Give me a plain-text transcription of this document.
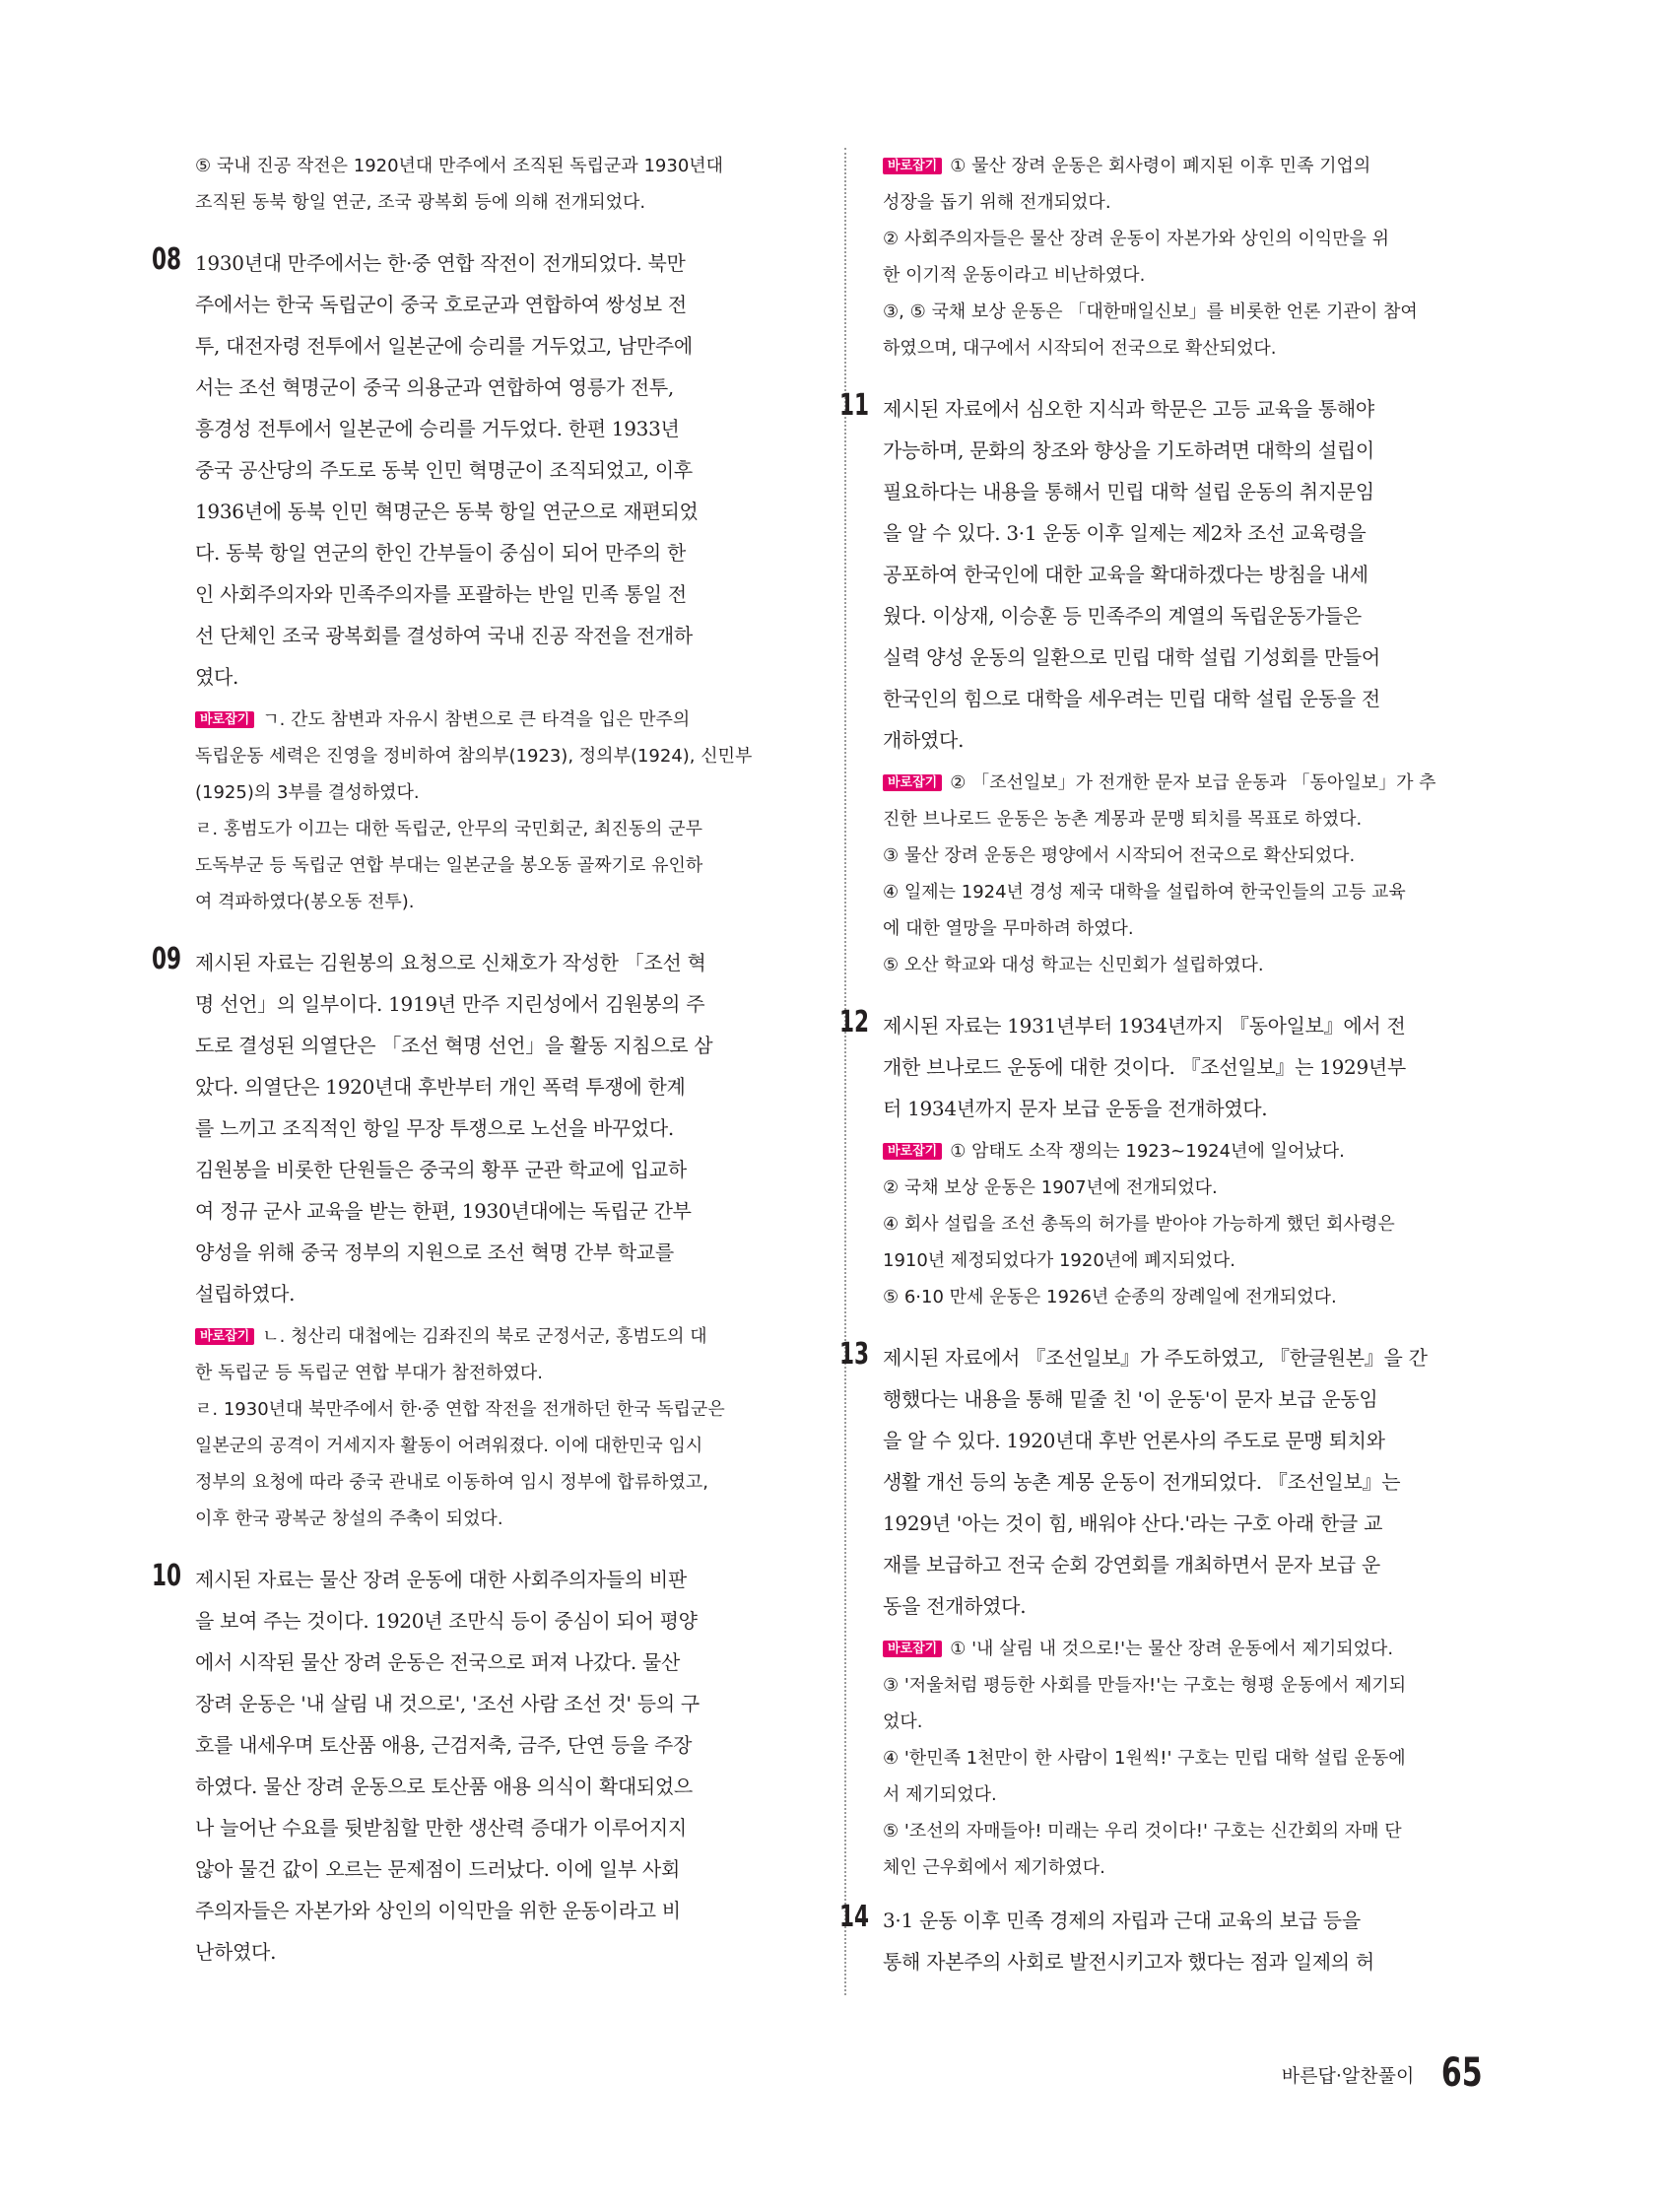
⑤ 국내 진공 작전은 1920년대 만주에서 조직된 독립군과 1930년대

조직된 동북 항일 연군, 조국 광복회 등에 의해 전개되었다.

08 1930년대 만주에서는 한·중 연합 작전이 전개되었다. 북만

주에서는 한국 독립군이 중국 호로군과 연합하여 쌍성보 전

투, 대전자령 전투에서 일본군에 승리를 거두었고, 남만주에

서는 조선 혁명군이 중국 의용군과 연합하여 영릉가 전투,

흥경성 전투에서 일본군에 승리를 거두었다. 한편 1933년

중국 공산당의 주도로 동북 인민 혁명군이 조직되었고, 이후

1936년에 동북 인민 혁명군은 동북 항일 연군으로 재편되었

다. 동북 항일 연군의 한인 간부들이 중심이 되어 만주의 한

인 사회주의자와 민족주의자를 포괄하는 반일 민족 통일 전

선 단체인 조국 광복회를 결성하여 국내 진공 작전을 전개하

였다.

바로잡기 ㄱ. 간도 참변과 자유시 참변으로 큰 타격을 입은 만주의

독립운동 세력은 진영을 정비하여 참의부(1923), 정의부(1924), 신민부

(1925)의 3부를 결성하였다.

ㄹ. 홍범도가 이끄는 대한 독립군, 안무의 국민회군, 최진동의 군무

도독부군 등 독립군 연합 부대는 일본군을 봉오동 골짜기로 유인하

여 격파하였다(봉오동 전투).

09 제시된 자료는 김원봉의 요청으로 신채호가 작성한 「조선 혁

명 선언」의 일부이다. 1919년 만주 지린성에서 김원봉의 주

도로 결성된 의열단은 「조선 혁명 선언」을 활동 지침으로 삼

았다. 의열단은 1920년대 후반부터 개인 폭력 투쟁에 한계

를 느끼고 조직적인 항일 무장 투쟁으로 노선을 바꾸었다.

김원봉을 비롯한 단원들은 중국의 황푸 군관 학교에 입교하

여 정규 군사 교육을 받는 한편, 1930년대에는 독립군 간부

양성을 위해 중국 정부의 지원으로 조선 혁명 간부 학교를

설립하였다.

바로잡기 ㄴ. 청산리 대첩에는 김좌진의 북로 군정서군, 홍범도의 대

한 독립군 등 독립군 연합 부대가 참전하였다.

ㄹ. 1930년대 북만주에서 한·중 연합 작전을 전개하던 한국 독립군은

일본군의 공격이 거세지자 활동이 어려워졌다. 이에 대한민국 임시

정부의 요청에 따라 중국 관내로 이동하여 임시 정부에 합류하였고,

이후 한국 광복군 창설의 주축이 되었다.

10 제시된 자료는 물산 장려 운동에 대한 사회주의자들의 비판

을 보여 주는 것이다. 1920년 조만식 등이 중심이 되어 평양

에서 시작된 물산 장려 운동은 전국으로 퍼져 나갔다. 물산

장려 운동은 '내 살림 내 것으로', '조선 사람 조선 것' 등의 구

호를 내세우며 토산품 애용, 근검저축, 금주, 단연 등을 주장

하였다. 물산 장려 운동으로 토산품 애용 의식이 확대되었으

나 늘어난 수요를 뒷받침할 만한 생산력 증대가 이루어지지

않아 물건 값이 오르는 문제점이 드러났다. 이에 일부 사회

주의자들은 자본가와 상인의 이익만을 위한 운동이라고 비

난하였다.

바로잡기 ① 물산 장려 운동은 회사령이 폐지된 이후 민족 기업의

성장을 돕기 위해 전개되었다.

② 사회주의자들은 물산 장려 운동이 자본가와 상인의 이익만을 위

한 이기적 운동이라고 비난하였다.

③, ⑤ 국채 보상 운동은 「대한매일신보」를 비롯한 언론 기관이 참여

하였으며, 대구에서 시작되어 전국으로 확산되었다.

11 제시된 자료에서 심오한 지식과 학문은 고등 교육을 통해야

가능하며, 문화의 창조와 향상을 기도하려면 대학의 설립이

필요하다는 내용을 통해서 민립 대학 설립 운동의 취지문임

을 알 수 있다. 3·1 운동 이후 일제는 제2차 조선 교육령을

공포하여 한국인에 대한 교육을 확대하겠다는 방침을 내세

웠다. 이상재, 이승훈 등 민족주의 계열의 독립운동가들은

실력 양성 운동의 일환으로 민립 대학 설립 기성회를 만들어

한국인의 힘으로 대학을 세우려는 민립 대학 설립 운동을 전

개하였다.

바로잡기 ② 「조선일보」가 전개한 문자 보급 운동과 「동아일보」가 추

진한 브나로드 운동은 농촌 계몽과 문맹 퇴치를 목표로 하였다.

③ 물산 장려 운동은 평양에서 시작되어 전국으로 확산되었다.

④ 일제는 1924년 경성 제국 대학을 설립하여 한국인들의 고등 교육

에 대한 열망을 무마하려 하였다.

⑤ 오산 학교와 대성 학교는 신민회가 설립하였다.

12 제시된 자료는 1931년부터 1934년까지 『동아일보』에서 전

개한 브나로드 운동에 대한 것이다. 『조선일보』는 1929년부

터 1934년까지 문자 보급 운동을 전개하였다.

바로잡기 ① 암태도 소작 쟁의는 1923~1924년에 일어났다.

② 국채 보상 운동은 1907년에 전개되었다.

④ 회사 설립을 조선 총독의 허가를 받아야 가능하게 했던 회사령은

1910년 제정되었다가 1920년에 폐지되었다.

⑤ 6·10 만세 운동은 1926년 순종의 장례일에 전개되었다.

13 제시된 자료에서 『조선일보』가 주도하였고, 『한글원본』을 간

행했다는 내용을 통해 밑줄 친 '이 운동'이 문자 보급 운동임

을 알 수 있다. 1920년대 후반 언론사의 주도로 문맹 퇴치와

생활 개선 등의 농촌 계몽 운동이 전개되었다. 『조선일보』는

1929년 '아는 것이 힘, 배워야 산다.'라는 구호 아래 한글 교

재를 보급하고 전국 순회 강연회를 개최하면서 문자 보급 운

동을 전개하였다.

바로잡기 ① '내 살림 내 것으로!'는 물산 장려 운동에서 제기되었다.

③ '저울처럼 평등한 사회를 만들자!'는 구호는 형평 운동에서 제기되

었다.

④ '한민족 1천만이 한 사람이 1원씩!' 구호는 민립 대학 설립 운동에

서 제기되었다.

⑤ '조선의 자매들아! 미래는 우리 것이다!' 구호는 신간회의 자매 단

체인 근우회에서 제기하였다.

14 3·1 운동 이후 민족 경제의 자립과 근대 교육의 보급 등을

통해 자본주의 사회로 발전시키고자 했다는 점과 일제의 허

바른답·알찬풀이 65
